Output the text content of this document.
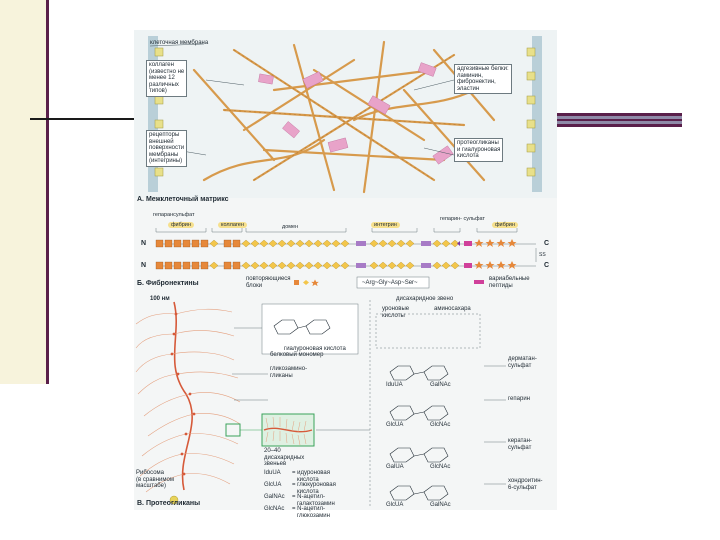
клеточная мембрана
коллаген
(известно не
менее 12
различных
типов)
адгезивные белки:
ламинин,
фибронектин,
эластин
рецепторы
внешней
поверхности
мембраны
(интегрины)
протеогликаны
и гиалуроновая
кислота
А. Межклеточный матрикс
гепарансульфат
фибрин	коллаген	домен	интегрин
гепарин- сульфат
фибрин
N	C
N	C
SS
повторяющиеся
блоки	~Arg~Gly~Asp~Ser~
вариабельные
пептиды
Б. Фибронектины
100 нм
гиалуроновая кислота
дисахаридное звено
уроновые
кислоты
аминосахара
белковый мономер
гликозамино-
гликаны
20–40
дисахаридных
звеньев
Рибосома
(в сравнимом
масштабе)
IduUA = идуроновая
кислота
GlcUA = глюкуроновая
кислота
GalNAc = N-ацетил-
галактозамин
GlcNAc = N-ацетил-
глюкозамин
IduUA	GalNAc
дерматан-
сульфат
GlcUA	GlcNAc
гепарин
GalUA	GlcNAc
кератан-
сульфат
GlcUA	GalNAc
хондроитин-
6-сульфат
В. Протеогликаны
